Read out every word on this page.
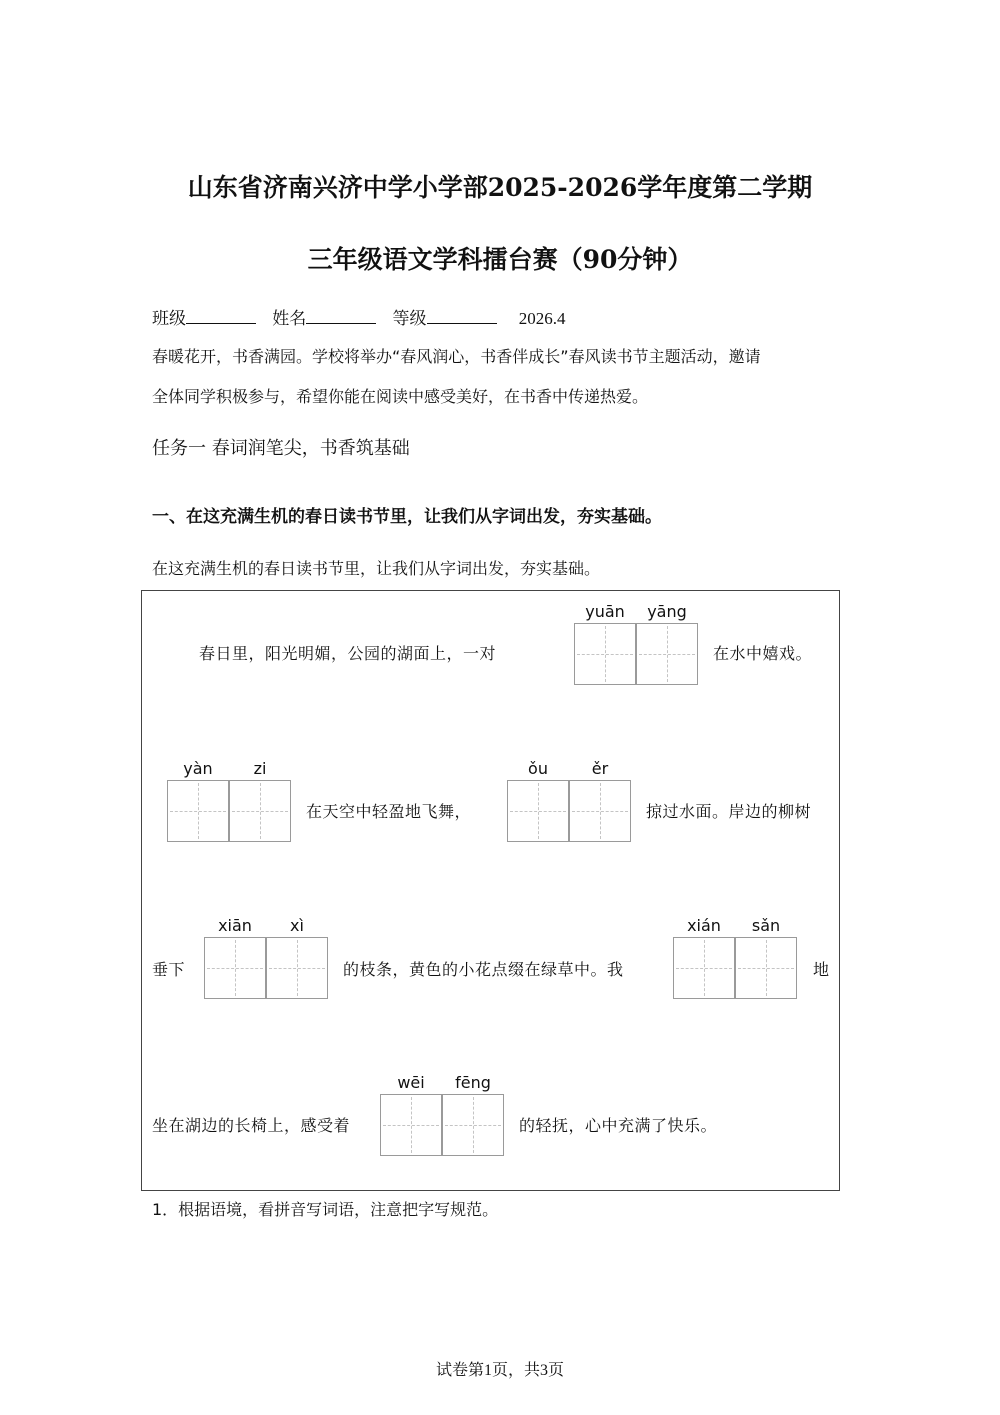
山东省济南兴济中学小学部2025-2026学年度第二学期
三年级语文学科擂台赛（90分钟）
班级	姓名	等级	2026.4
春暖花开，书香满园。学校将举办“春风润心，书香伴成长”春风读书节主题活动，邀请
全体同学积极参与，希望你能在阅读中感受美好，在书香中传递热爱。
任务一 春词润笔尖，书香筑基础
一、在这充满生机的春日读书节里，让我们从字词出发，夯实基础。
在这充满生机的春日读书节里，让我们从字词出发，夯实基础。
春日里，阳光明媚，公园的湖面上，一对
yuān	yāng
在水中嬉戏。
yàn	zi
在天空中轻盈地飞舞，
ǒu	ěr
掠过水面。岸边的柳树
垂下
xiān	xì
的枝条，黄色的小花点缀在绿草中。我
xián	sǎn
地
坐在湖边的长椅上，感受着
wēi	fēng
的轻抚，心中充满了快乐。
1．根据语境，看拼音写词语，注意把字写规范。
试卷第1页，共3页
